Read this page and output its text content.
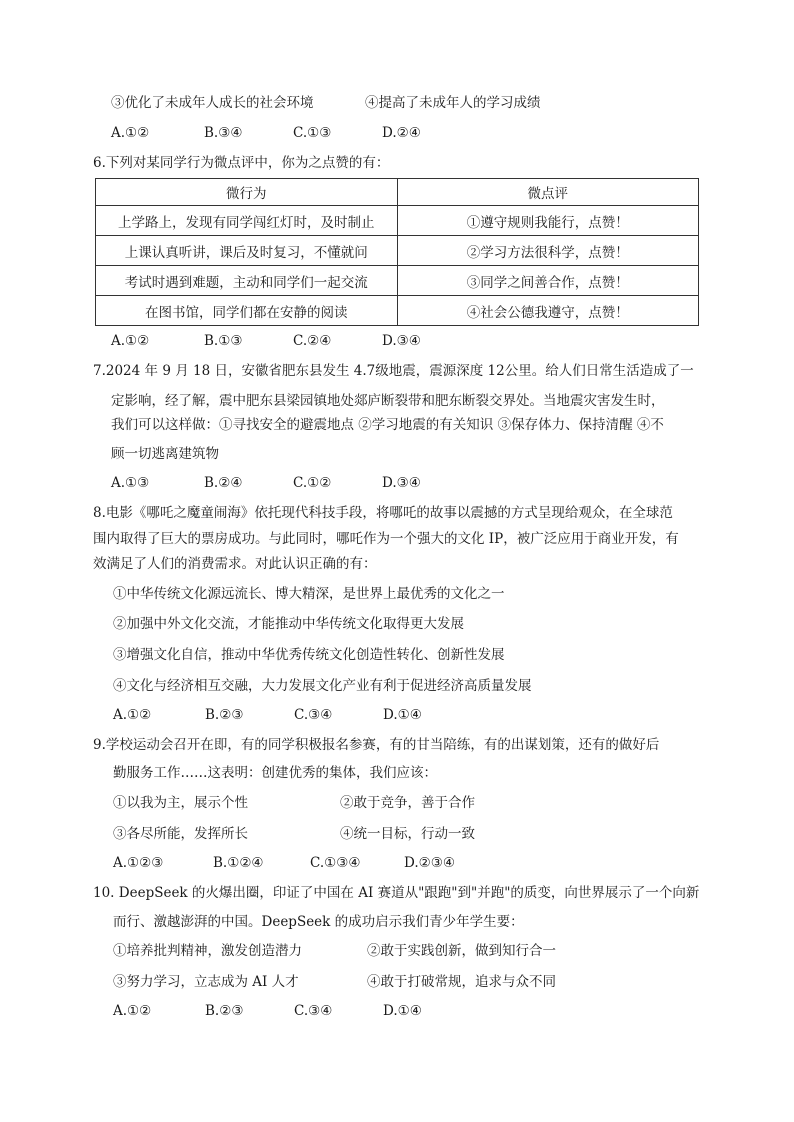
③优化了未成年人成长的社会环境	④提高了未成年人的学习成绩
A.①②	B.③④	C.①③	D.②④
6.下列对某同学行为微点评中，你为之点赞的有：
微行为	微点评
上学路上，发现有同学闯红灯时，及时制止	①遵守规则我能行，点赞！
上课认真听讲，课后及时复习，不懂就问	②学习方法很科学，点赞！
考试时遇到难题，主动和同学们一起交流	③同学之间善合作，点赞！
在图书馆，同学们都在安静的阅读	④社会公德我遵守，点赞！
A.①②	B.①③	C.②④	D.③④
7.2024 年 9 月 18 日，安徽省肥东县发生 4.7级地震，震源深度 12公里。给人们日常生活造成了一
定影响，经了解，震中肥东县梁园镇地处郯庐断裂带和肥东断裂交界处。当地震灾害发生时，
我们可以这样做：①寻找安全的避震地点 ②学习地震的有关知识 ③保存体力、保持清醒 ④不
顾一切逃离建筑物
A.①③	B.②④	C.①②	D.③④
8.电影《哪吒之魔童闹海》依托现代科技手段，将哪吒的故事以震撼的方式呈现给观众，在全球范
围内取得了巨大的票房成功。与此同时，哪吒作为一个强大的文化 IP，被广泛应用于商业开发，有
效满足了人们的消费需求。对此认识正确的有：
①中华传统文化源远流长、博大精深，是世界上最优秀的文化之一
②加强中外文化交流，才能推动中华传统文化取得更大发展
③增强文化自信，推动中华优秀传统文化创造性转化、创新性发展
④文化与经济相互交融，大力发展文化产业有利于促进经济高质量发展
A.①②	B.②③	C.③④	D.①④
9.学校运动会召开在即，有的同学积极报名参赛，有的甘当陪练，有的出谋划策，还有的做好后
勤服务工作……这表明：创建优秀的集体，我们应该：
①以我为主，展示个性	②敢于竞争，善于合作
③各尽所能，发挥所长	④统一目标，行动一致
A.①②③	B.①②④	C.①③④	D.②③④
10. DeepSeek 的火爆出圈，印证了中国在 AI 赛道从"跟跑"到"并跑"的质变，向世界展示了一个向新
而行、激越澎湃的中国。DeepSeek 的成功启示我们青少年学生要：
①培养批判精神，激发创造潜力	②敢于实践创新，做到知行合一
③努力学习，立志成为 AI 人才	④敢于打破常规，追求与众不同
A.①②	B.②③	C.③④	D.①④
